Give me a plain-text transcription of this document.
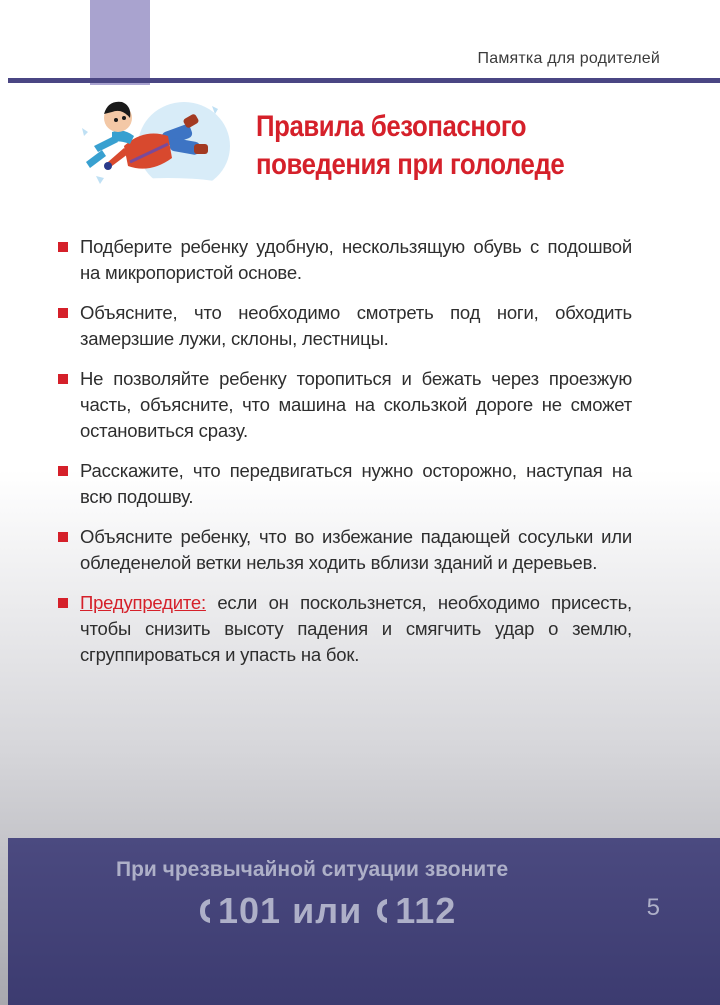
Памятка для родителей
Правила безопасного
поведения при гололеде
Подберите ребенку удобную, нескользящую обувь с подошвой на микропористой основе.
Объясните, что необходимо смотреть под ноги, обходить замерзшие лужи, склоны, лестницы.
Не позволяйте ребенку торопиться и бежать через проезжую часть, объясните, что машина на скользкой дороге не сможет остановиться сразу.
Расскажите, что передвигаться нужно осторожно, наступая на всю подошву.
Объясните ребенку, что во избежание падающей сосульки или обледенелой ветки нельзя ходить вблизи зданий и деревьев.
Предупредите: если он поскользнется, необходимо присесть, чтобы снизить высоту падения и смягчить удар о землю, сгруппироваться и упасть на бок.
При чрезвычайной ситуации звоните
101 или 112	5
